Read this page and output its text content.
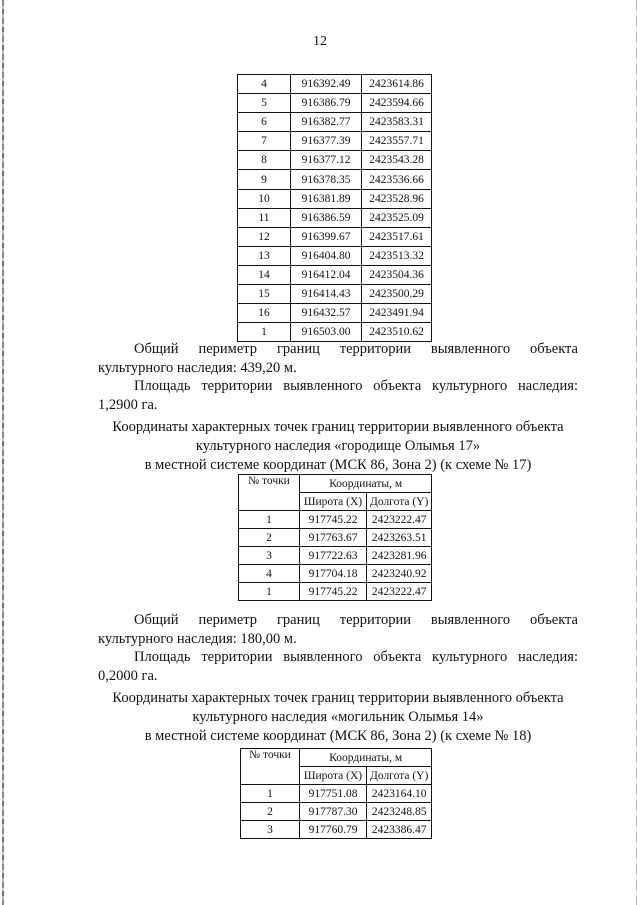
12
4	916392.49	2423614.86
5	916386.79	2423594.66
6	916382.77	2423583.31
7	916377.39	2423557.71
8	916377.12	2423543.28
9	916378.35	2423536.66
10	916381.89	2423528.96
11	916386.59	2423525.09
12	916399.67	2423517.61
13	916404.80	2423513.32
14	916412.04	2423504.36
15	916414.43	2423500.29
16	916432.57	2423491.94
1	916503.00	2423510.62
Общий периметр границ территории выявленного объекта
культурного наследия: 439,20 м.
Площадь территории выявленного объекта культурного наследия:
1,2900 га.
Координаты характерных точек границ территории выявленного объекта
культурного наследия «городище Олымья 17»
в местной системе координат (МСК 86, Зона 2) (к схеме № 17)
№ точки	Координаты, м	
	Широта (X)	Долгота (Y)
1	917745.22	2423222.47
2	917763.67	2423263.51
3	917722.63	2423281.96
4	917704.18	2423240.92
1	917745.22	2423222.47
Общий периметр границ территории выявленного объекта
культурного наследия: 180,00 м.
Площадь территории выявленного объекта культурного наследия:
0,2000 га.
Координаты характерных точек границ территории выявленного объекта
культурного наследия «могильник Олымья 14»
в местной системе координат (МСК 86, Зона 2) (к схеме № 18)
№ точки	Координаты, м	
	Широта (X)	Долгота (Y)
1	917751.08	2423164.10
2	917787.30	2423248.85
3	917760.79	2423386.47
